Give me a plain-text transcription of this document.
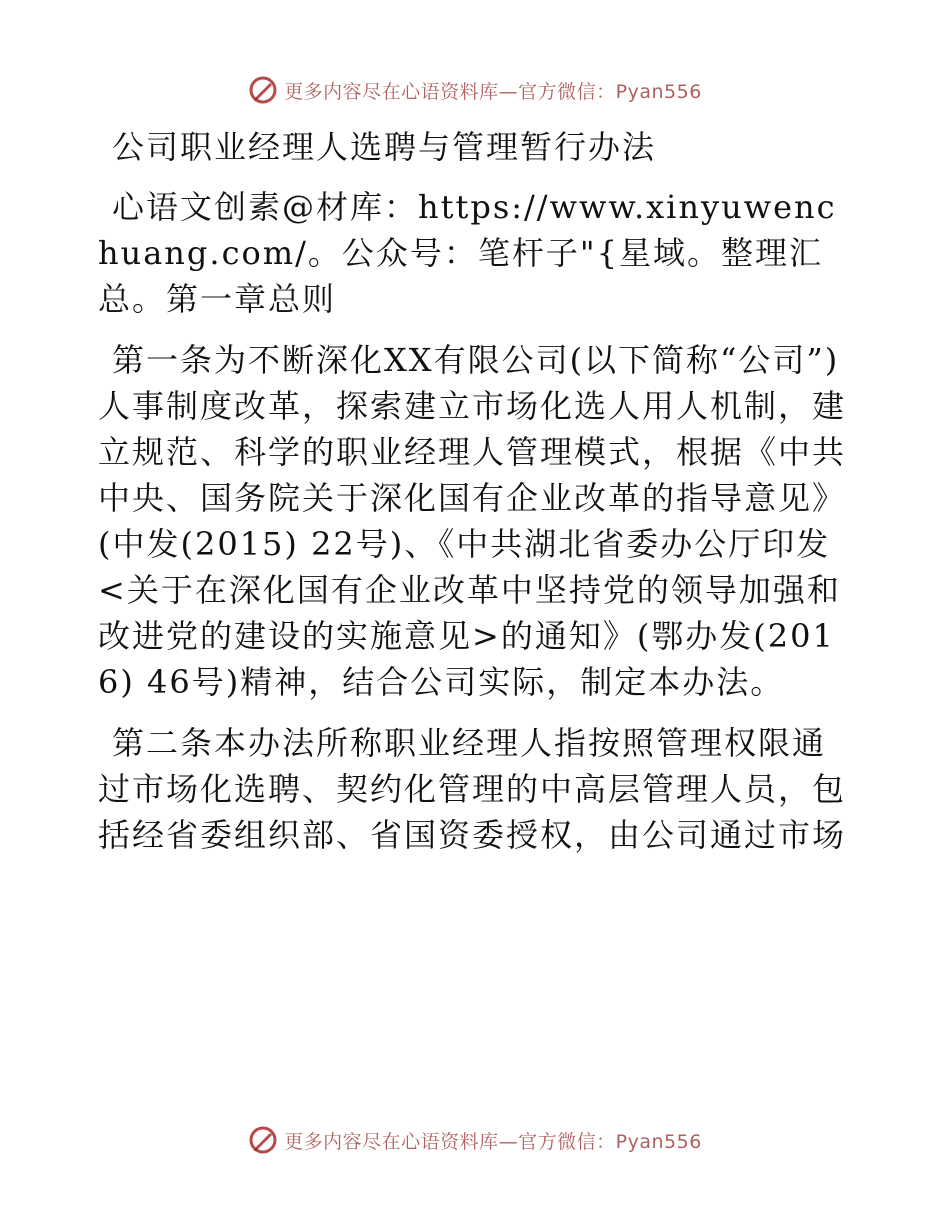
更多内容尽在心语资料库—官方微信：Pyan556

公司职业经理人选聘与管理暂行办法

心语文创素@材库：https://www.xinyuwenchuang.com/。公众号：笔杆子"{星域。整理汇总。第一章总则

第一条为不断深化XX有限公司(以下简称“公司”)人事制度改革，探索建立市场化选人用人机制，建立规范、科学的职业经理人管理模式，根据《中共中央、国务院关于深化国有企业改革的指导意见》(中发(2015) 22号)、《中共湖北省委办公厅印发<关于在深化国有企业改革中坚持党的领导加强和改进党的建设的实施意见>的通知》(鄂办发(2016) 46号)精神，结合公司实际，制定本办法。

第二条本办法所称职业经理人指按照管理权限通过市场化选聘、契约化管理的中高层管理人员，包括经省委组织部、省国资委授权，由公司通过市场

更多内容尽在心语资料库—官方微信：Pyan556
